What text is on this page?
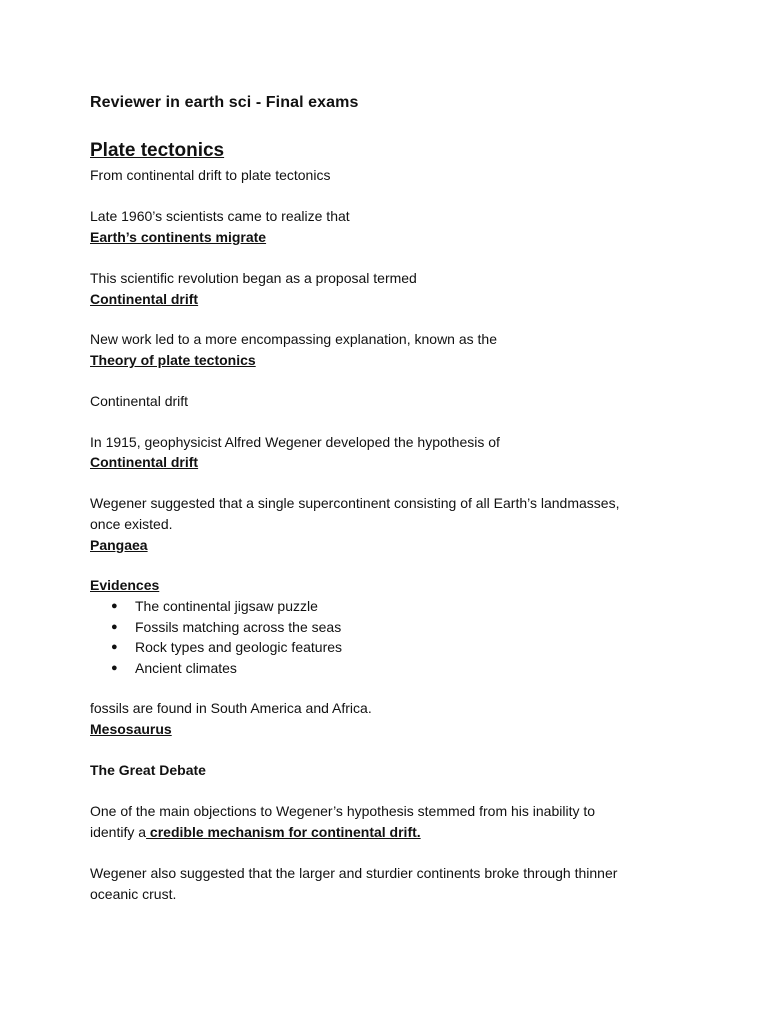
Reviewer in earth sci - Final exams
Plate tectonics
From continental drift to plate tectonics
Late 1960’s scientists came to realize that
Earth’s continents migrate
This scientific revolution began as a proposal termed
Continental drift
New work led to a more encompassing explanation, known as the
Theory of plate tectonics
Continental drift
In 1915, geophysicist Alfred Wegener developed the hypothesis of
Continental drift
Wegener suggested that a single supercontinent consisting of all Earth’s landmasses,
once existed.
Pangaea
Evidences
● The continental jigsaw puzzle
● Fossils matching across the seas
● Rock types and geologic features
● Ancient climates
fossils are found in South America and Africa.
Mesosaurus
The Great Debate
One of the main objections to Wegener’s hypothesis stemmed from his inability to
identify a credible mechanism for continental drift.
Wegener also suggested that the larger and sturdier continents broke through thinner
oceanic crust.
